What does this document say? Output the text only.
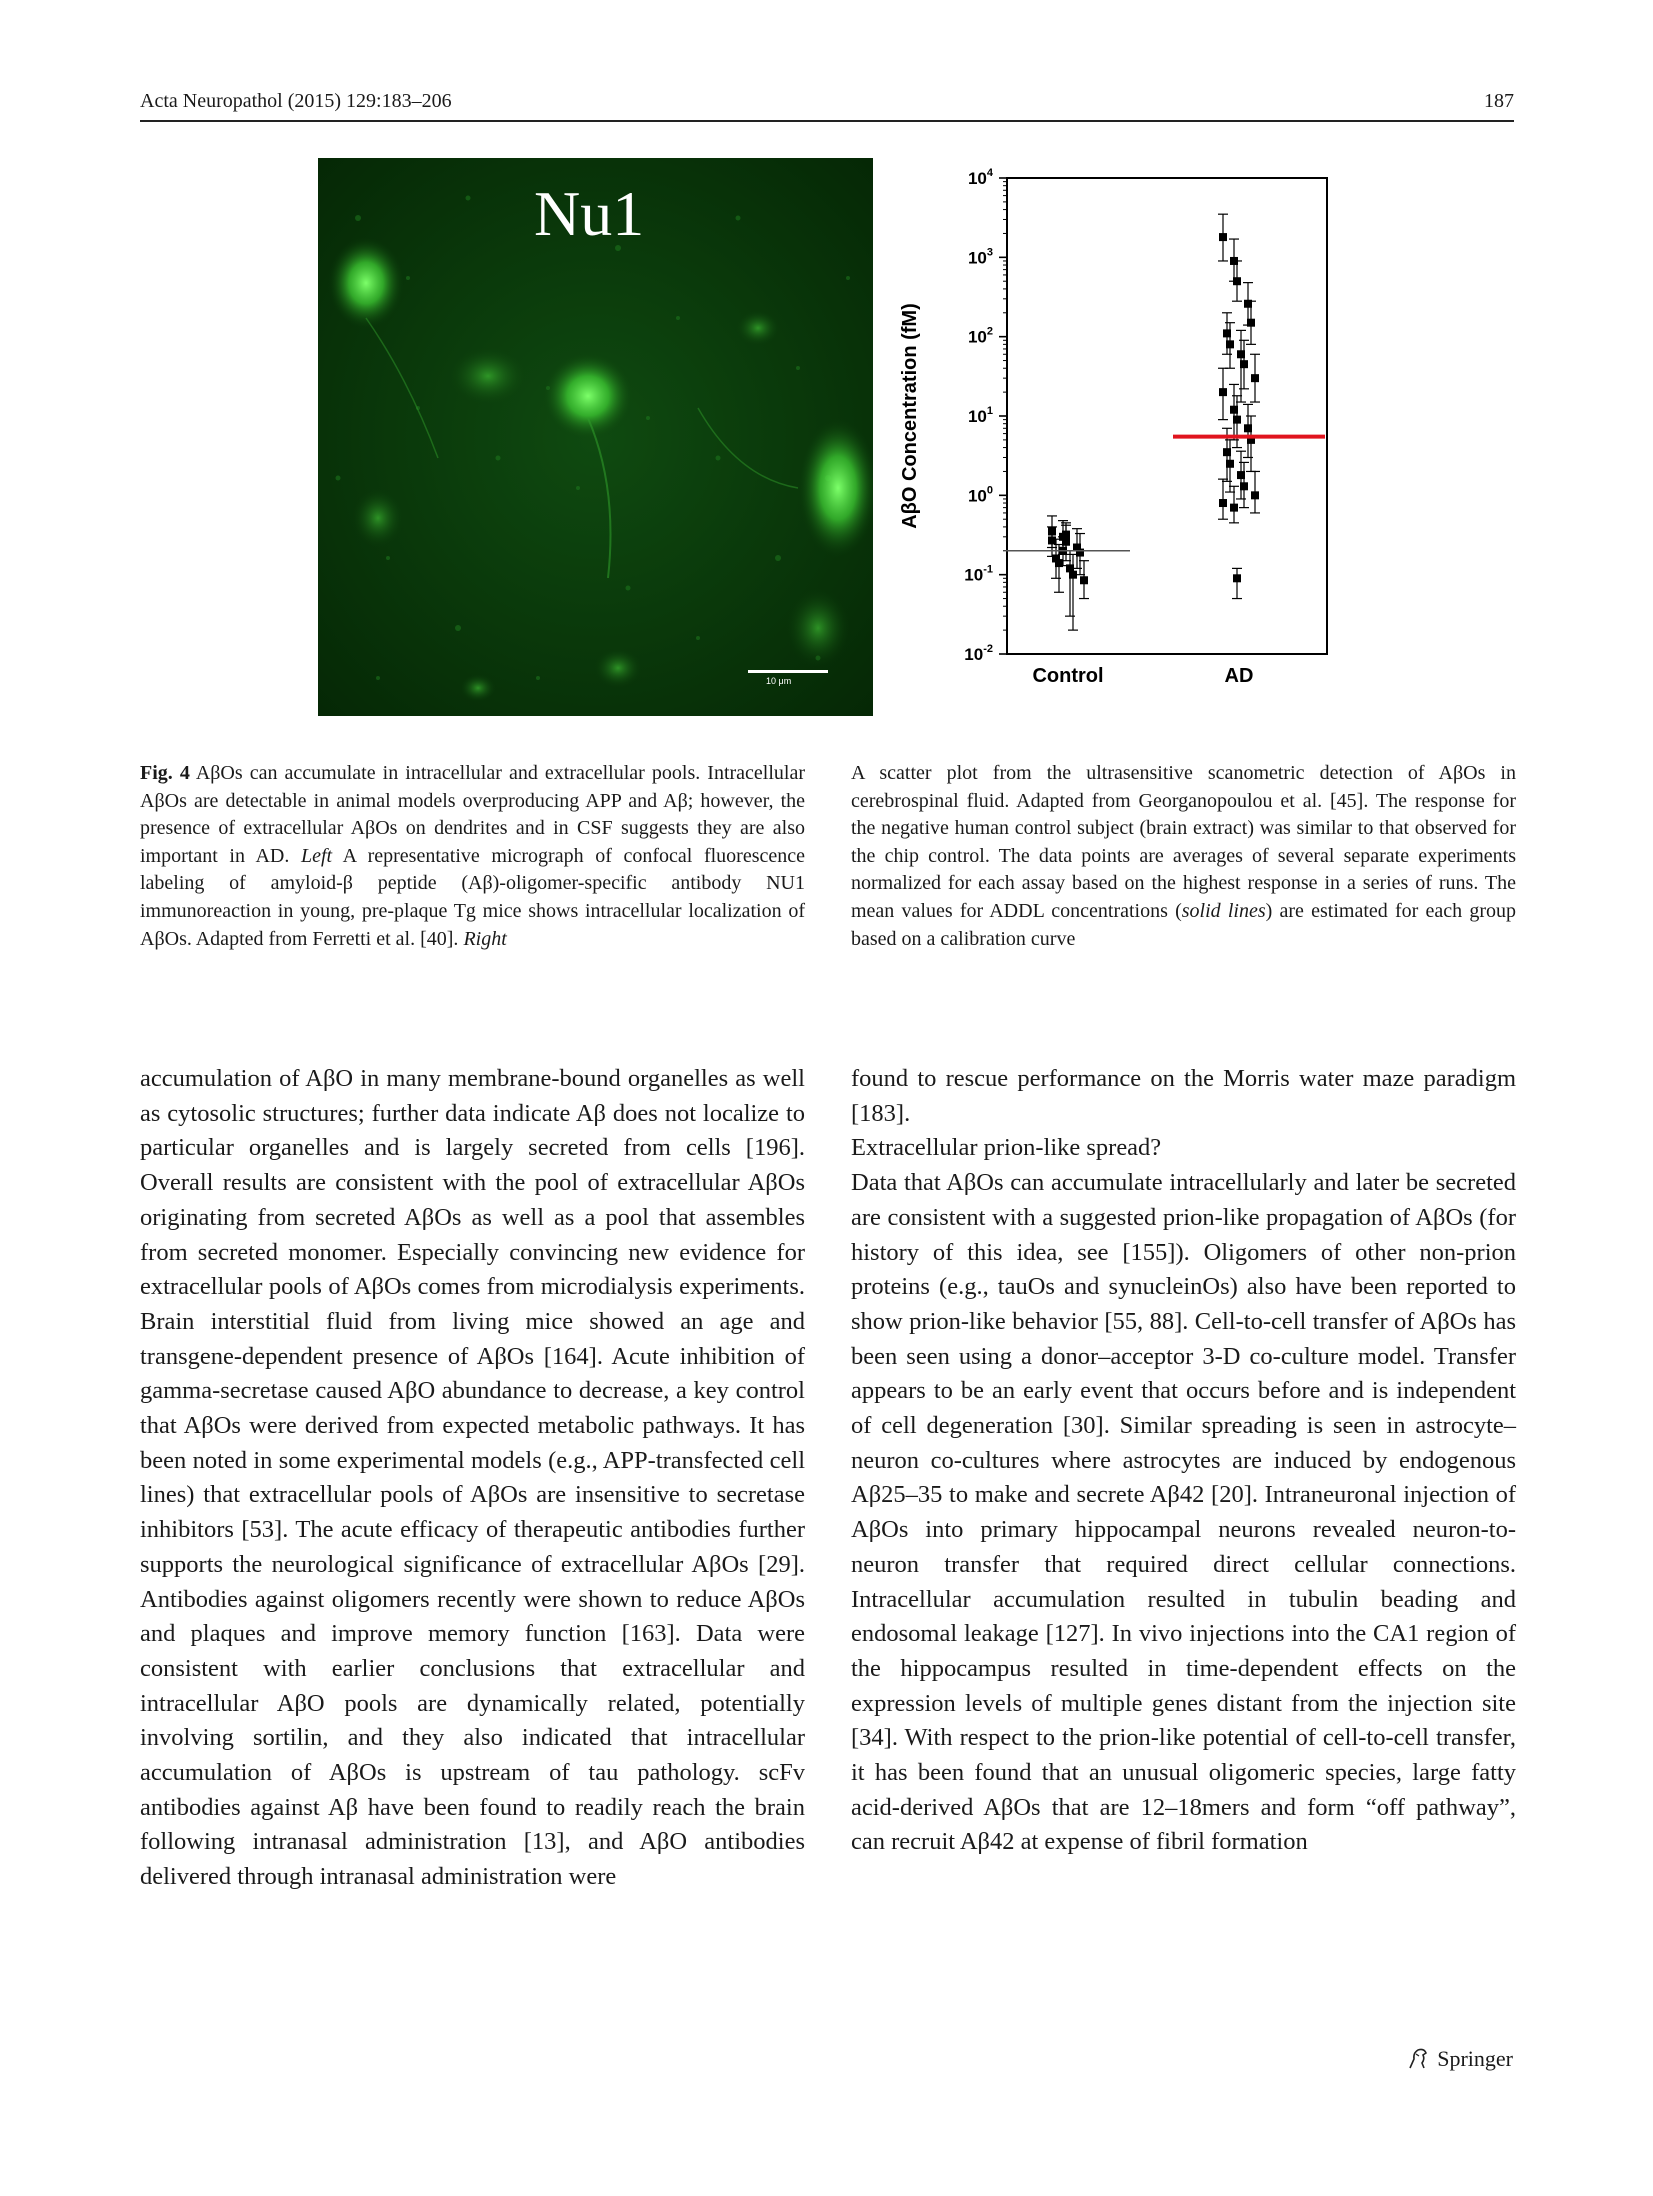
Acta Neuropathol (2015) 129:183–206	187
Nu1
10 μm
$10^{-2}$
$10^{-1}$
$10^0$
$10^1$
$10^2$
$10^3$
$10^4$
AβO Concentration (fM)
Control	AD
Fig. 4 AβOs can accumulate in intracellular and extracellular pools. Intracellular AβOs are detectable in animal models overproducing APP and Aβ; however, the presence of extracellular AβOs on dendrites and in CSF suggests they are also important in AD. Left A representative micrograph of confocal fluorescence labeling of amyloid-β peptide (Aβ)-oligomer-specific antibody NU1 immunoreaction in young, pre-plaque Tg mice shows intracellular localization of AβOs. Adapted from Ferretti et al. [40]. Right
A scatter plot from the ultrasensitive scanometric detection of AβOs in cerebrospinal fluid. Adapted from Georganopoulou et al. [45]. The response for the negative human control subject (brain extract) was similar to that observed for the chip control. The data points are averages of several separate experiments normalized for each assay based on the highest response in a series of runs. The mean values for ADDL concentrations (solid lines) are estimated for each group based on a calibration curve

accumulation of AβO in many membrane-bound organelles as well as cytosolic structures; further data indicate Aβ does not localize to particular organelles and is largely secreted from cells [196]. Overall results are consistent with the pool of extracellular AβOs originating from secreted AβOs as well as a pool that assembles from secreted monomer. Especially convincing new evidence for extracellular pools of AβOs comes from microdialysis experiments. Brain interstitial fluid from living mice showed an age and transgene-dependent presence of AβOs [164]. Acute inhibition of gamma-secretase caused AβO abundance to decrease, a key control that AβOs were derived from expected metabolic pathways. It has been noted in some experimental models (e.g., APP-transfected cell lines) that extracellular pools of AβOs are insensitive to secretase inhibitors [53]. The acute efficacy of therapeutic antibodies further supports the neurological significance of extracellular AβOs [29]. Antibodies against oligomers recently were shown to reduce AβOs and plaques and improve memory function [163]. Data were consistent with earlier conclusions that extracellular and intracellular AβO pools are dynamically related, potentially involving sortilin, and they also indicated that intracellular accumulation of AβOs is upstream of tau pathology. scFv antibodies against Aβ have been found to readily reach the brain following intranasal administration [13], and AβO antibodies delivered through intranasal administration were

found to rescue performance on the Morris water maze paradigm [183].

Extracellular prion-like spread?

Data that AβOs can accumulate intracellularly and later be secreted are consistent with a suggested prion-like propagation of AβOs (for history of this idea, see [155]). Oligomers of other non-prion proteins (e.g., tauOs and synucleinOs) also have been reported to show prion-like behavior [55, 88]. Cell-to-cell transfer of AβOs has been seen using a donor–acceptor 3-D co-culture model. Transfer appears to be an early event that occurs before and is independent of cell degeneration [30]. Similar spreading is seen in astrocyte–neuron co-cultures where astrocytes are induced by endogenous Aβ25–35 to make and secrete Aβ42 [20]. Intraneuronal injection of AβOs into primary hippocampal neurons revealed neuron-to-neuron transfer that required direct cellular connections. Intracellular accumulation resulted in tubulin beading and endosomal leakage [127]. In vivo injections into the CA1 region of the hippocampus resulted in time-dependent effects on the expression levels of multiple genes distant from the injection site [34]. With respect to the prion-like potential of cell-to-cell transfer, it has been found that an unusual oligomeric species, large fatty acid-derived AβOs that are 12–18mers and form “off pathway”, can recruit Aβ42 at expense of fibril formation

Springer
